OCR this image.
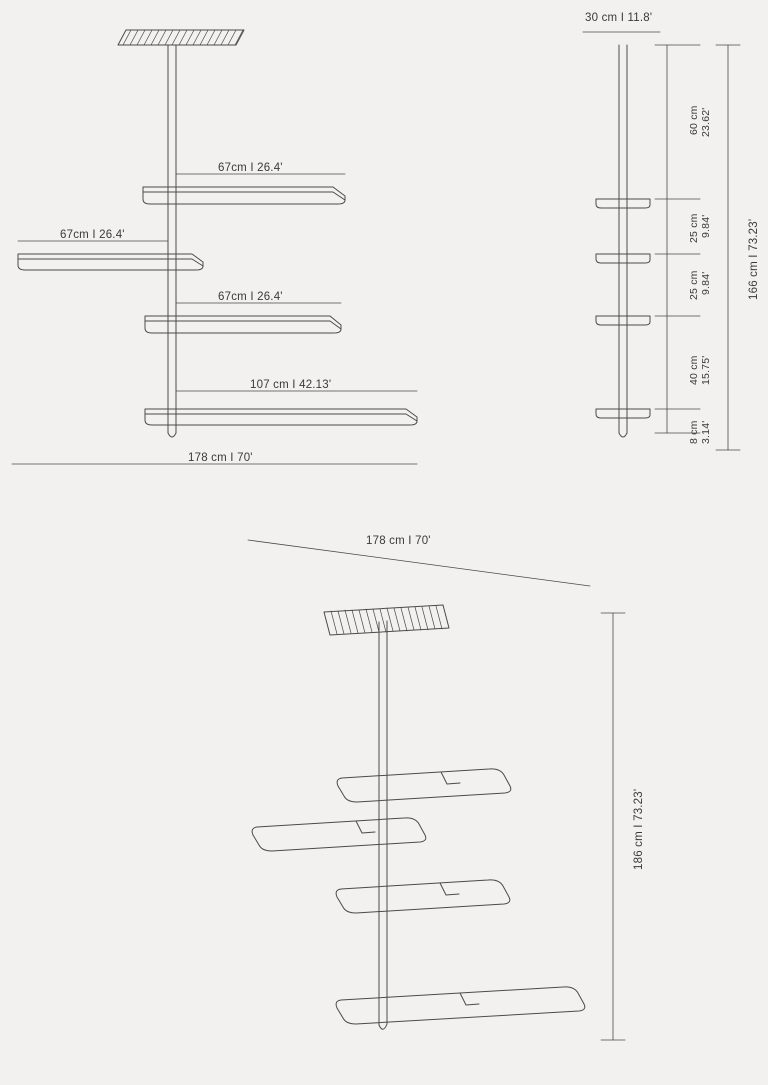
67cm I 26.4'
67cm I 26.4'
67cm I 26.4'
107 cm I 42.13'
178 cm I 70'
30 cm I 11.8'
60 cm 23.62'
25 cm 9.84'
25 cm 9.84'
40 cm 15.75'
8 cm 3.14'
166 cm I 73.23'
178 cm I 70'
186 cm I 73.23'
